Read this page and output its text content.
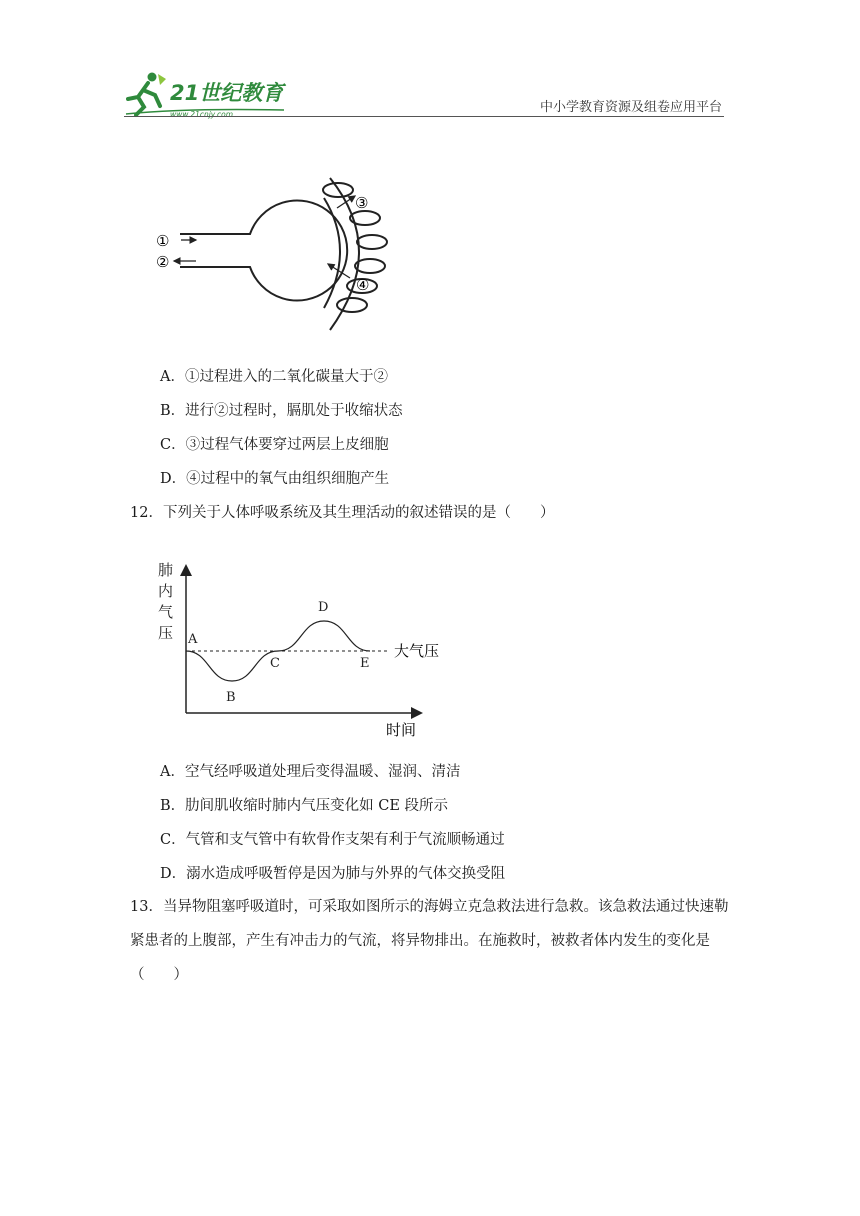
21世纪教育
www.21cnjy.com	中小学教育资源及组卷应用平台
①
②
③
④
A．①过程进入的二氧化碳量大于②
B．进行②过程时，膈肌处于收缩状态
C．③过程气体要穿过两层上皮细胞
D．④过程中的氧气由组织细胞产生
12．下列关于人体呼吸系统及其生理活动的叙述错误的是（　　）
肺
内
气
压
时间
大气压
A
B
C
D
E
A．空气经呼吸道处理后变得温暖、湿润、清洁
B．肋间肌收缩时肺内气压变化如 CE 段所示
C．气管和支气管中有软骨作支架有利于气流顺畅通过
D．溺水造成呼吸暂停是因为肺与外界的气体交换受阻
13．当异物阻塞呼吸道时，可采取如图所示的海姆立克急救法进行急救。该急救法通过快速勒紧患者的上腹部，产生有冲击力的气流，将异物排出。在施救时，被救者体内发生的变化是（　　）
